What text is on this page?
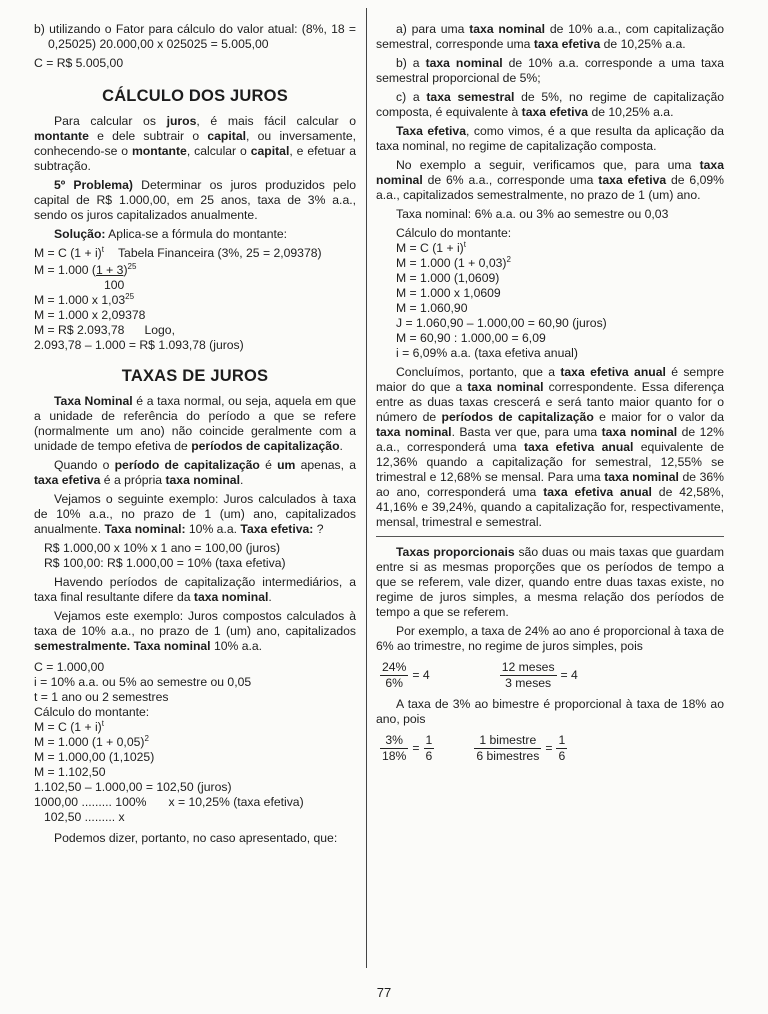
b) utilizando o Fator para cálculo do valor atual: (8%, 18 = 0,25025) 20.000,00 x 025025 = 5.005,00

C = R$ 5.005,00

CÁLCULO DOS JUROS

Para calcular os juros, é mais fácil calcular o montante e dele subtrair o capital, ou inversamente, conhecendo-se o montante, calcular o capital, e efetuar a subtração.

5º Problema) Determinar os juros produzidos pelo capital de R$ 1.000,00, em 25 anos, taxa de 3% a.a., sendo os juros capitalizados anualmente.

Solução: Aplica-se a fórmula do montante:

M = C $(1 + i)^t$ Tabela Financeira (3%, 25 = 2,09378)

M = 1.000 $(1 + 3)^{25}$

100

M = 1.000 x 1,03$^{25}$

M = 1.000 x 2,09378

M = R$ 2.093,78 Logo,

2.093,78 – 1.000 = R$ 1.093,78 (juros)

TAXAS DE JUROS

Taxa Nominal é a taxa normal, ou seja, aquela em que a unidade de referência do período a que se refere (normalmente um ano) não coincide geralmente com a unidade de tempo efetiva de períodos de capitalização.

Quando o período de capitalização é um apenas, a taxa efetiva é a própria taxa nominal.

Vejamos o seguinte exemplo: Juros calculados à taxa de 10% a.a., no prazo de 1 (um) ano, capitalizados anualmente. Taxa nominal: 10% a.a. Taxa efetiva: ?

R$ 1.000,00 x 10% x 1 ano = 100,00 (juros)

R$ 100,00: R$ 1.000,00 = 10% (taxa efetiva)

Havendo períodos de capitalização intermediários, a taxa final resultante difere da taxa nominal.

Vejamos este exemplo: Juros compostos calculados à taxa de 10% a.a., no prazo de 1 (um) ano, capitalizados semestralmente. Taxa nominal 10% a.a.

C = 1.000,00

i = 10% a.a. ou 5% ao semestre ou 0,05

t = 1 ano ou 2 semestres

Cálculo do montante:

M = C $(1 + i)^t$

M = 1.000 $(1 + 0,05)^2$

M = 1.000,00 (1,1025)

M = 1.102,50

1.102,50 – 1.000,00 = 102,50 (juros)

1000,00 ......... 100% x = 10,25% (taxa efetiva)

102,50 ......... x

Podemos dizer, portanto, no caso apresentado, que:

a) para uma taxa nominal de 10% a.a., com capitalização semestral, corresponde uma taxa efetiva de 10,25% a.a.

b) a taxa nominal de 10% a.a. corresponde a uma taxa semestral proporcional de 5%;

c) a taxa semestral de 5%, no regime de capitalização composta, é equivalente à taxa efetiva de 10,25% a.a.

Taxa efetiva, como vimos, é a que resulta da aplicação da taxa nominal, no regime de capitalização composta.

No exemplo a seguir, verificamos que, para uma taxa nominal de 6% a.a., corresponde uma taxa efetiva de 6,09% a.a., capitalizados semestralmente, no prazo de 1 (um) ano.

Taxa nominal: 6% a.a. ou 3% ao semestre ou 0,03

Cálculo do montante:

M = C $(1 + i)^t$

M = 1.000 $(1 + 0,03)^2$

M = 1.000 (1,0609)

M = 1.000 x 1,0609

M = 1.060,90

J = 1.060,90 – 1.000,00 = 60,90 (juros)

M = 60,90 : 1.000,00 = 6,09

i = 6,09% a.a. (taxa efetiva anual)

Concluímos, portanto, que a taxa efetiva anual é sempre maior do que a taxa nominal correspondente. Essa diferença entre as duas taxas crescerá e será tanto maior quanto for o número de períodos de capitalização e maior for o valor da taxa nominal. Basta ver que, para uma taxa nominal de 12% a.a., corresponderá uma taxa efetiva anual equivalente de 12,36% quando a capitalização for semestral, 12,55% se trimestral e 12,68% se mensal. Para uma taxa nominal de 36% ao ano, corresponderá uma taxa efetiva anual de 42,58%, 41,16% e 39,24%, quando a capitalização for, respectivamente, mensal, trimestral e semestral.

Taxas proporcionais são duas ou mais taxas que guardam entre si as mesmas proporções que os períodos de tempo a que se referem, vale dizer, quando entre duas taxas existe, no regime de juros simples, a mesma relação dos períodos de tempo a que se referem.

Por exemplo, a taxa de 24% ao ano é proporcional à taxa de 6% ao trimestre, no regime de juros simples, pois

$\frac{24\%}{6\%} = 4$	$\frac{\text{12 meses}}{\text{3 meses}} = 4$

A taxa de 3% ao bimestre é proporcional à taxa de 18% ao ano, pois

$\frac{3\%}{18\%} = \frac{1}{6}$	$\frac{\text{1 bimestre}}{\text{6 bimestres}} = \frac{1}{6}$
77
